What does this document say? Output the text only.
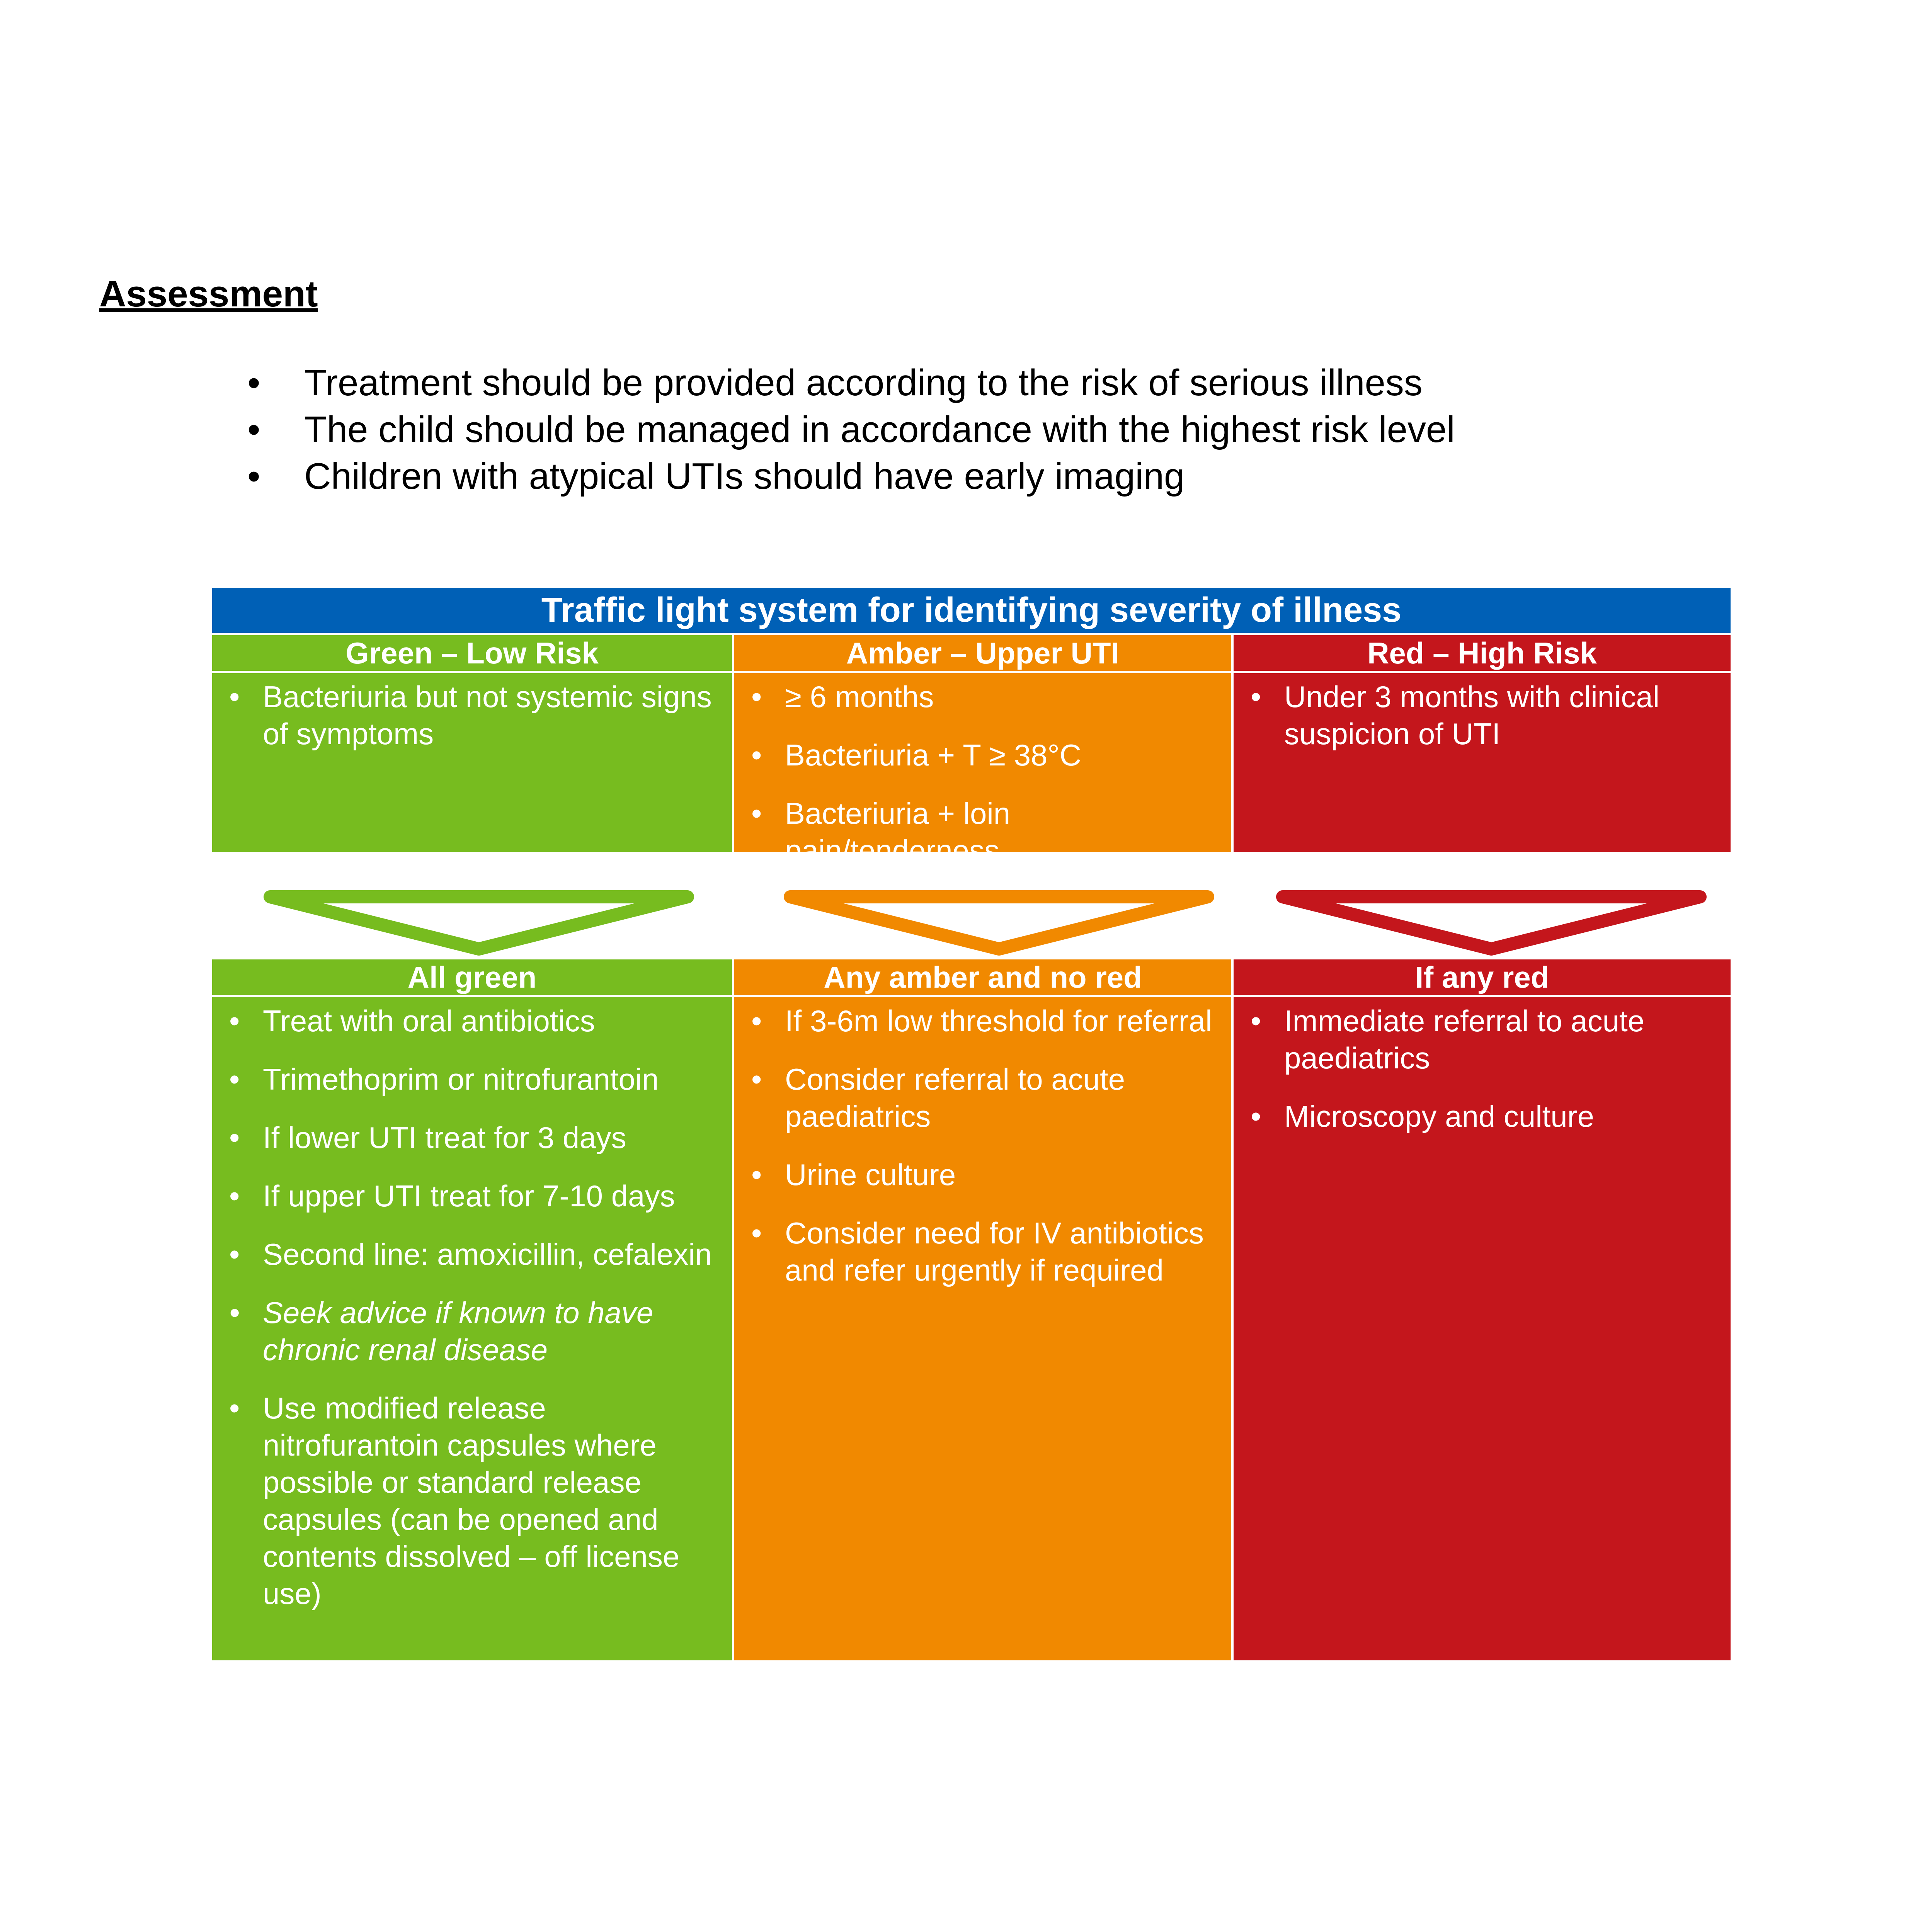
Assessment
• Treatment should be provided according to the risk of serious illness
• The child should be managed in accordance with the highest risk level
• Children with atypical UTIs should have early imaging
Traffic light system for identifying severity of illness
Green – Low Risk
• Bacteriuria but not systemic signs of symptoms
Amber – Upper UTI
• ≥ 6 months
• Bacteriuria + T ≥ 38°C
• Bacteriuria + loin pain/tenderness
Red – High Risk
• Under 3 months with clinical suspicion of UTI
All green
• Treat with oral antibiotics
• Trimethoprim or nitrofurantoin
• If lower UTI treat for 3 days
• If upper UTI treat for 7-10 days
• Second line: amoxicillin, cefalexin
• Seek advice if known to have chronic renal disease
• Use modified release nitrofurantoin capsules where possible or standard release capsules (can be opened and contents dissolved – off license use)
Any amber and no red
• If 3-6m low threshold for referral
• Consider referral to acute paediatrics
• Urine culture
• Consider need for IV antibiotics and refer urgently if required
If any red
• Immediate referral to acute paediatrics
• Microscopy and culture
